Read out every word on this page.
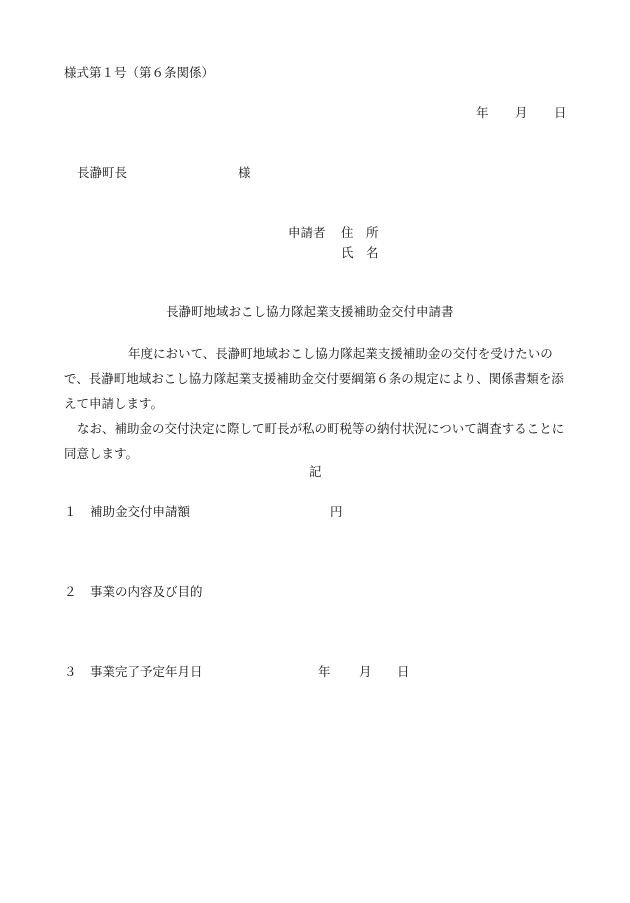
様式第１号（第６条関係）
年 月 日
長瀞町長	様
申請者 住　所
氏　名
長瀞町地域おこし協力隊起業支援補助金交付申請書
年度において、長瀞町地域おこし協力隊起業支援補助金の交付を受けたいので、長瀞町地域おこし協力隊起業支援補助金交付要綱第６条の規定により、関係書類を添えて申請します。
なお、補助金の交付決定に際して町長が私の町税等の納付状況について調査することに同意します。
記
１ 補助金交付申請額	円
２ 事業の内容及び目的
３ 事業完了予定年月日	年 月 日
